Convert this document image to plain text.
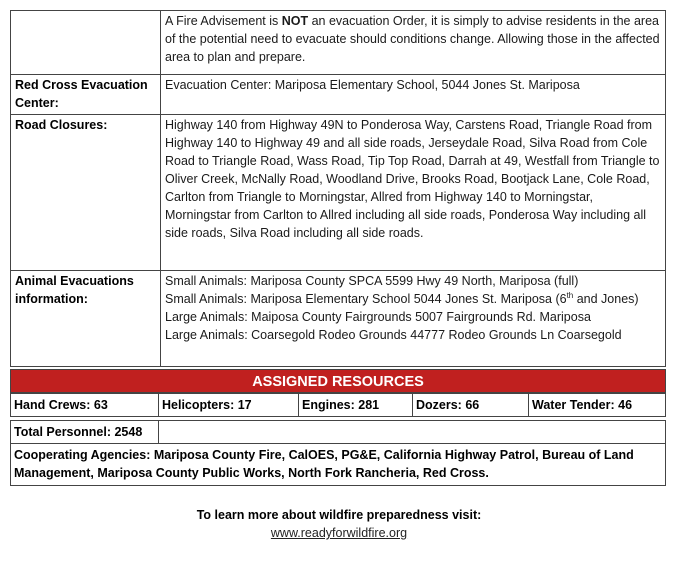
	A Fire Advisement is NOT an evacuation Order, it is simply to advise residents in the area of the potential need to evacuate should conditions change. Allowing those in the affected area to plan and prepare.
Red Cross Evacuation Center:	Evacuation Center: Mariposa Elementary School, 5044 Jones St. Mariposa
Road Closures:	Highway 140 from Highway 49N to Ponderosa Way, Carstens Road, Triangle Road from Highway 140 to Highway 49 and all side roads, Jerseydale Road, Silva Road from Cole Road to Triangle Road, Wass Road, Tip Top Road, Darrah at 49, Westfall from Triangle to Oliver Creek, McNally Road, Woodland Drive, Brooks Road, Bootjack Lane, Cole Road, Carlton from Triangle to Morningstar, Allred from Highway 140 to Morningstar, Morningstar from Carlton to Allred including all side roads, Ponderosa Way including all side roads, Silva Road including all side roads.
Animal Evacuations information:	Small Animals: Mariposa County SPCA 5599 Hwy 49 North, Mariposa (full)
Small Animals: Mariposa Elementary School 5044 Jones St. Mariposa (6th and Jones)
Large Animals: Maiposa County Fairgrounds 5007 Fairgrounds Rd. Mariposa
Large Animals: Coarsegold Rodeo Grounds 44777 Rodeo Grounds Ln Coarsegold
ASSIGNED RESOURCES
Hand Crews: 63	Helicopters: 17	Engines: 281	Dozers: 66	Water Tender: 46
Total Personnel: 2548	
Cooperating Agencies: Mariposa County Fire, CalOES, PG&E, California Highway Patrol, Bureau of Land Management, Mariposa County Public Works, North Fork Rancheria, Red Cross.
To learn more about wildfire preparedness visit:
www.readyforwildfire.org
